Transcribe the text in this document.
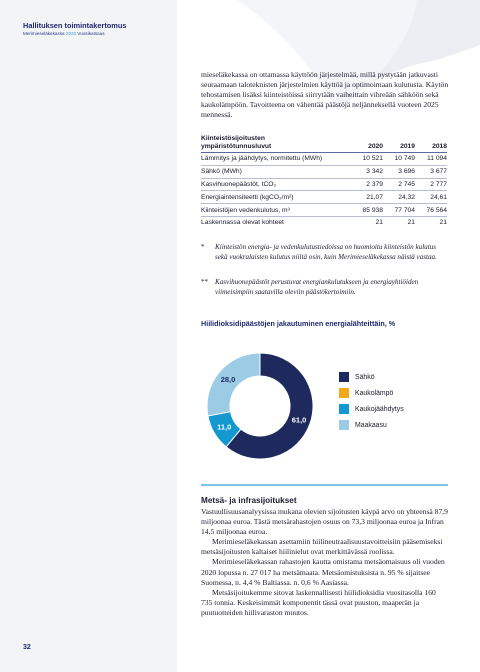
Hallituksen toimintakertomus
Merimieseläkekassa 2020 Vuosikatsaus
32

mieseläkekassa on ottamassa käyttöön järjestelmää, millä pystytään jatkuvasti seuraamaan taloteknisten järjestelmien käyttöä ja optimoimaan kulutusta. Käytön tehostamisen lisäksi kiinteistöissä siirrytään vaiheittain vihreään sähköön sekä kaukolämpöön. Tavoitteena on vähentää päästöjä neljänneksellä vuoteen 2025 mennessä.

Kiinteistösijoitusten
ympäristötunnusluvut	2020	2019	2018
Lämmitys ja jäähdytys, normitettu (MWh)	10 521	10 749	11 094
Sähkö (MWh)	3 342	3 696	3 677
Kasvihuonepäästöt, tCO₂	2 379	2 745	2 777
Energiaintensiteetti (kgCO₂/m²)	21,07	24,32	24,61
Kiinteistöjen vedenkulutus, m³	85 938	77 704	76 564
Laskennassa olevat kohteet	21	21	21
* Kiinteistön energia- ja vedenkulutustiedoissa on huomioitu kiinteistön kulutus sekä vuokralaisten kulutus niiltä osin, kuin Merimieseläkekassa näistä vastaa.
** Kasvihuonepäästöt perustuvat energiankulutukseen ja energiayhtiöiden viimeisimpiin saatavilla oleviin päästökertoimiin.
Hiilidioksidipäästöjen jakautuminen energialähteittäin, %
61,0
11,0
28,0	Sähkö
Kaukolämpö
Kaukojäähdytys
Maakaasu
Metsä- ja infrasijoitukset

Vastuullisuusanalyysissa mukana olevien sijoitusten käypä arvo on yhteensä 87,9 miljoonaa euroa. Tästä metsärahastojen osuus on 73,3 miljoonaa euroa ja Infran 14,5 miljoonaa euroa.

Merimieseläkekassan asettamiin hiilineutraalisuustavoitteisiin pääsemiseksi metsäsijoitusten kaltaiset hiilinielut ovat merkittävässä roolissa.

Merimieseläkekassan rahastojen kautta omistama metsäomaisuus oli vuoden 2020 lopussa n. 27 017 ha metsämaata. Metsäomistuksista n. 95 % sijaitsee Suomessa, n. 4,4 % Baltiassa. n. 0,6 % Aasiassa.

Metsäsijoitukemme sitovat laskennallisesti hiilidioksidia vuositasolla 160 735 tonnia. Keskeisimmät komponentit tässä ovat puuston, maaperän ja puutuotteiden hiilivaraston muutos.
